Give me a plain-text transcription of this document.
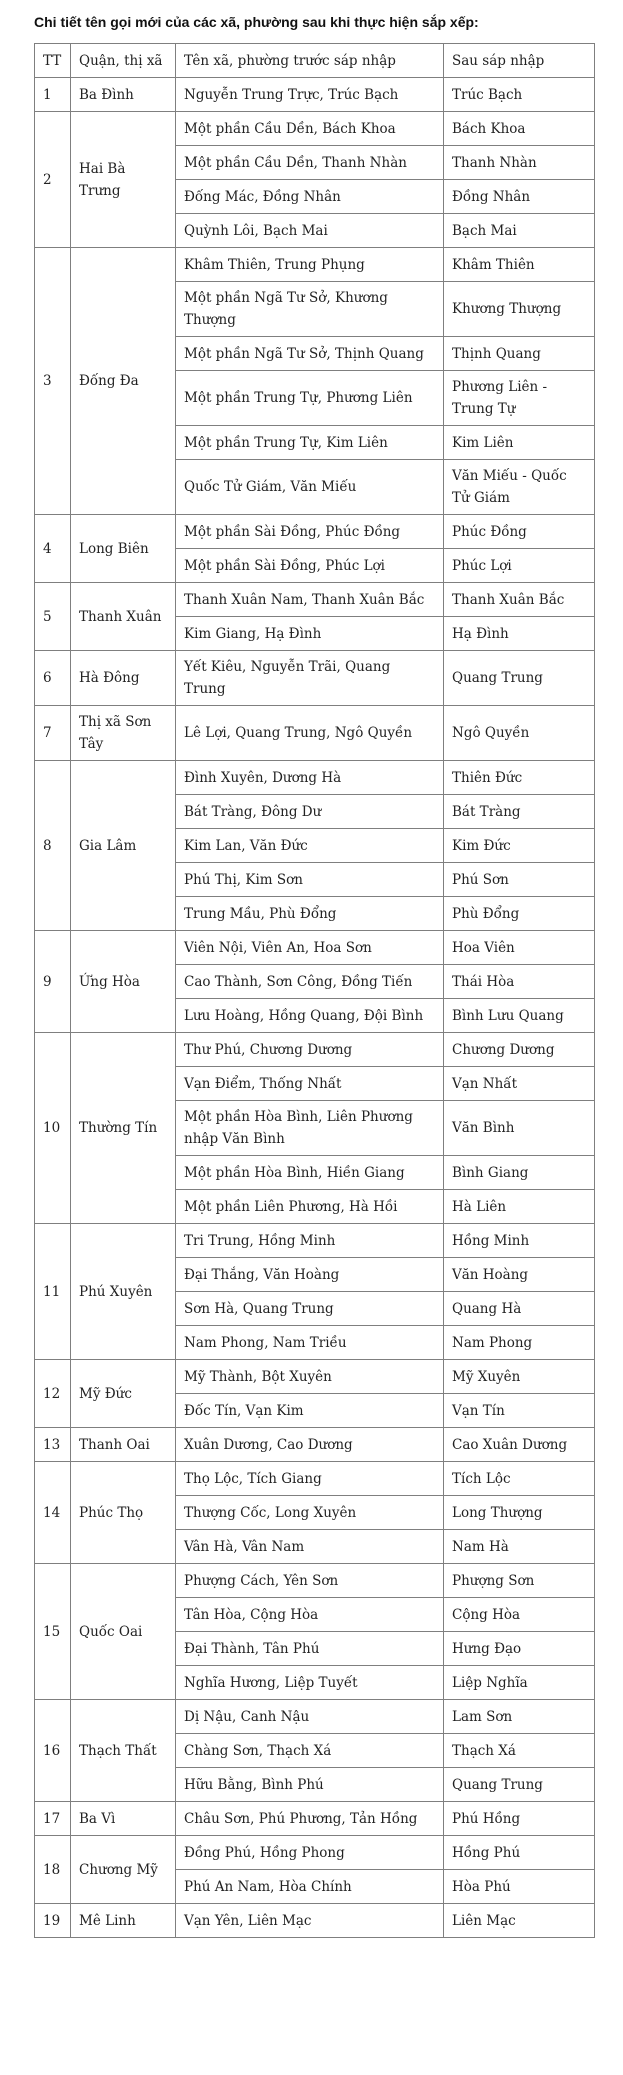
Chi tiết tên gọi mới của các xã, phường sau khi thực hiện sắp xếp:
TT	Quận, thị xã	Tên xã, phường trước sáp nhập	Sau sáp nhập
1	Ba Đình	Nguyễn Trung Trực, Trúc Bạch	Trúc Bạch
2	Hai Bà Trưng	Một phần Cầu Dền, Bách Khoa	Bách Khoa
		Một phần Cầu Dền, Thanh Nhàn	Thanh Nhàn
		Đống Mác, Đồng Nhân	Đồng Nhân
		Quỳnh Lôi, Bạch Mai	Bạch Mai
3	Đống Đa	Khâm Thiên, Trung Phụng	Khâm Thiên
		Một phần Ngã Tư Sở, Khương Thượng	Khương Thượng
		Một phần Ngã Tư Sở, Thịnh Quang	Thịnh Quang
		Một phần Trung Tự, Phương Liên	Phương Liên - Trung Tự
		Một phần Trung Tự, Kim Liên	Kim Liên
		Quốc Tử Giám, Văn Miếu	Văn Miếu - Quốc Tử Giám
4	Long Biên	Một phần Sài Đồng, Phúc Đồng	Phúc Đồng
		Một phần Sài Đồng, Phúc Lợi	Phúc Lợi
5	Thanh Xuân	Thanh Xuân Nam, Thanh Xuân Bắc	Thanh Xuân Bắc
		Kim Giang, Hạ Đình	Hạ Đình
6	Hà Đông	Yết Kiêu, Nguyễn Trãi, Quang Trung	Quang Trung
7	Thị xã Sơn Tây	Lê Lợi, Quang Trung, Ngô Quyền	Ngô Quyền
8	Gia Lâm	Đình Xuyên, Dương Hà	Thiên Đức
		Bát Tràng, Đông Dư	Bát Tràng
		Kim Lan, Văn Đức	Kim Đức
		Phú Thị, Kim Sơn	Phú Sơn
		Trung Mầu, Phù Đổng	Phù Đổng
9	Ứng Hòa	Viên Nội, Viên An, Hoa Sơn	Hoa Viên
		Cao Thành, Sơn Công, Đồng Tiến	Thái Hòa
		Lưu Hoàng, Hồng Quang, Đội Bình	Bình Lưu Quang
10	Thường Tín	Thư Phú, Chương Dương	Chương Dương
		Vạn Điểm, Thống Nhất	Vạn Nhất
		Một phần Hòa Bình, Liên Phương nhập Văn Bình	Văn Bình
		Một phần Hòa Bình, Hiền Giang	Bình Giang
		Một phần Liên Phương, Hà Hồi	Hà Liên
11	Phú Xuyên	Tri Trung, Hồng Minh	Hồng Minh
		Đại Thắng, Văn Hoàng	Văn Hoàng
		Sơn Hà, Quang Trung	Quang Hà
		Nam Phong, Nam Triều	Nam Phong
12	Mỹ Đức	Mỹ Thành, Bột Xuyên	Mỹ Xuyên
		Đốc Tín, Vạn Kim	Vạn Tín
13	Thanh Oai	Xuân Dương, Cao Dương	Cao Xuân Dương
14	Phúc Thọ	Thọ Lộc, Tích Giang	Tích Lộc
		Thượng Cốc, Long Xuyên	Long Thượng
		Vân Hà, Vân Nam	Nam Hà
15	Quốc Oai	Phượng Cách, Yên Sơn	Phượng Sơn
		Tân Hòa, Cộng Hòa	Cộng Hòa
		Đại Thành, Tân Phú	Hưng Đạo
		Nghĩa Hương, Liệp Tuyết	Liệp Nghĩa
16	Thạch Thất	Dị Nậu, Canh Nậu	Lam Sơn
		Chàng Sơn, Thạch Xá	Thạch Xá
		Hữu Bằng, Bình Phú	Quang Trung
17	Ba Vì	Châu Sơn, Phú Phương, Tản Hồng	Phú Hồng
18	Chương Mỹ	Đồng Phú, Hồng Phong	Hồng Phú
		Phú An Nam, Hòa Chính	Hòa Phú
19	Mê Linh	Vạn Yên, Liên Mạc	Liên Mạc
